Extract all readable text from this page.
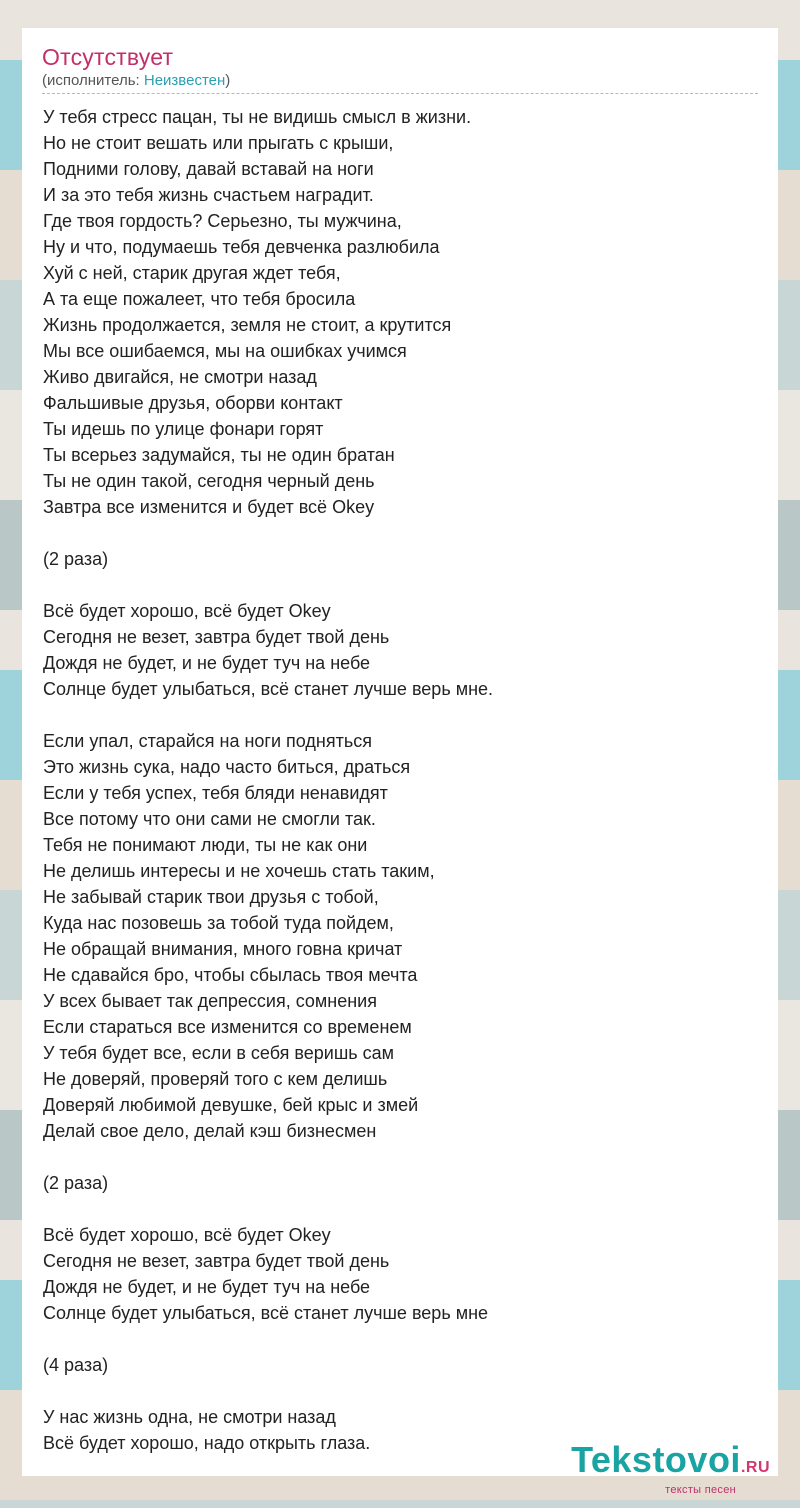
Отсутствует
(исполнитель: Неизвестен)
У тебя стресс пацан, ты не видишь смысл в жизни.
Но не стоит вешать или прыгать с крыши,
Подними голову, давай вставай на ноги
И за это тебя жизнь счастьем наградит.
Где твоя гордость? Серьезно, ты мужчина,
Ну и что, подумаешь тебя девченка разлюбила
Хуй с ней, старик другая ждет тебя,
А та еще пожалеет, что тебя бросила
Жизнь продолжается, земля не стоит, а крутится
Мы все ошибаемся, мы на ошибках учимся
Живо двигайся, не смотри назад
Фальшивые друзья, оборви контакт
Ты идешь по улице фонари горят
Ты всерьез задумайся, ты не один братан
Ты не один такой, сегодня черный день
Завтра все изменится и будет всё Okey
(2 раза)
Всё будет хорошо, всё будет Okey
Сегодня не везет, завтра будет твой день
Дождя не будет, и не будет туч на небе
Солнце будет улыбаться, всё станет лучше верь мне.
Если упал, старайся на ноги подняться
Это жизнь сука, надо часто биться, драться
Если у тебя успех, тебя бляди ненавидят
Все потому что они сами не смогли так.
Тебя не понимают люди, ты не как они
Не делишь интересы и не хочешь стать таким,
Не забывай старик твои друзья с тобой,
Куда нас позовешь за тобой туда пойдем,
Не обращай внимания, много говна кричат
Не сдавайся бро, чтобы сбылась твоя мечта
У всех бывает так депрессия, сомнения
Если стараться все изменится со временем
У тебя будет все, если в себя веришь сам
Не доверяй, проверяй того с кем делишь
Доверяй любимой девушке, бей крыс и змей
Делай свое дело, делай кэш бизнесмен
(2 раза)
Всё будет хорошо, всё будет Okey
Сегодня не везет, завтра будет твой день
Дождя не будет, и не будет туч на небе
Солнце будет улыбаться, всё станет лучше верь мне
(4 раза)
У нас жизнь одна, не смотри назад
Всё будет хорошо, надо открыть глаза.	Tekstovoi.RU
тексты песен
